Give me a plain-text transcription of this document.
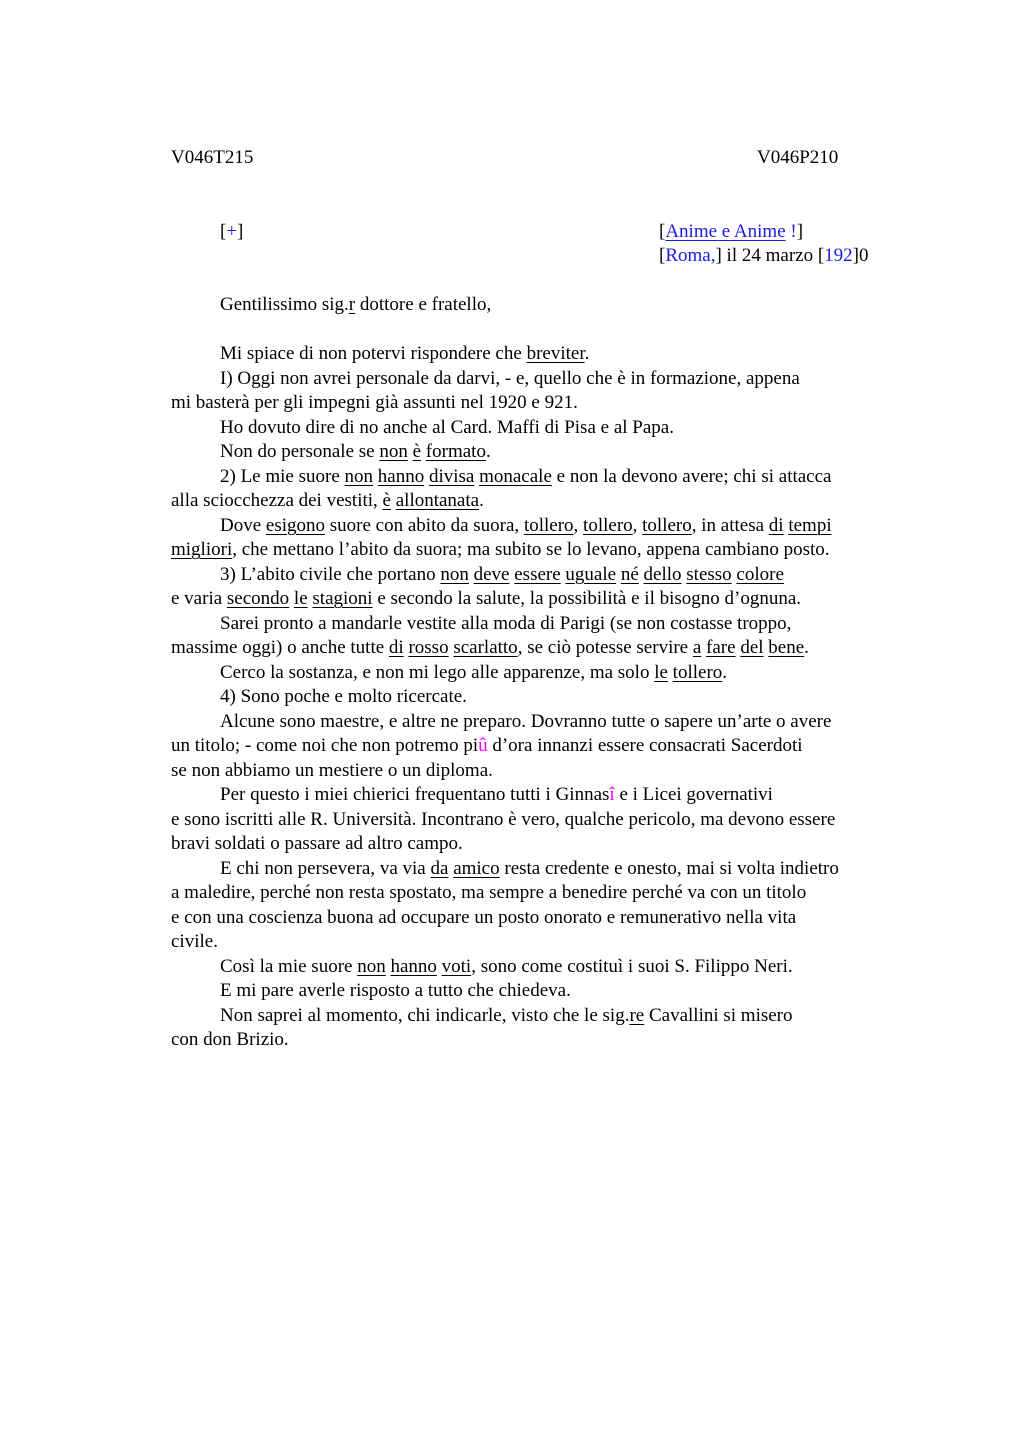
V046T215	V046P210
[+]	[Anime e Anime !]
[Roma,] il 24 marzo [192]0
Gentilissimo sig.r dottore e fratello,
Mi spiace di non potervi rispondere che breviter.
I) Oggi non avrei personale da darvi, - e, quello che è in formazione, appena
mi basterà per gli impegni già assunti nel 1920 e 921.
Ho dovuto dire di no anche al Card. Maffi di Pisa e al Papa.
Non do personale se non è formato.
2) Le mie suore non hanno divisa monacale e non la devono avere; chi si attacca
alla sciocchezza dei vestiti, è allontanata.
Dove esigono suore con abito da suora, tollero, tollero, tollero, in attesa di tempi
migliori, che mettano l’abito da suora; ma subito se lo levano, appena cambiano posto.
3) L’abito civile che portano non deve essere uguale né dello stesso colore
e varia secondo le stagioni e secondo la salute, la possibilità e il bisogno d’ognuna.
Sarei pronto a mandarle vestite alla moda di Parigi (se non costasse troppo,
massime oggi) o anche tutte di rosso scarlatto, se ciò potesse servire a fare del bene.
Cerco la sostanza, e non mi lego alle apparenze, ma solo le tollero.
4) Sono poche e molto ricercate.
Alcune sono maestre, e altre ne preparo. Dovranno tutte o sapere un’arte o avere
un titolo; - come noi che non potremo piû d’ora innanzi essere consacrati Sacerdoti
se non abbiamo un mestiere o un diploma.
Per questo i miei chierici frequentano tutti i Ginnasî e i Licei governativi
e sono iscritti alle R. Università. Incontrano è vero, qualche pericolo, ma devono essere
bravi soldati o passare ad altro campo.
E chi non persevera, va via da amico resta credente e onesto, mai si volta indietro
a maledire, perché non resta spostato, ma sempre a benedire perché va con un titolo
e con una coscienza buona ad occupare un posto onorato e remunerativo nella vita
civile.
Così la mie suore non hanno voti, sono come costituì i suoi S. Filippo Neri.
E mi pare averle risposto a tutto che chiedeva.
Non saprei al momento, chi indicarle, visto che le sig.re Cavallini si misero
con don Brizio.
